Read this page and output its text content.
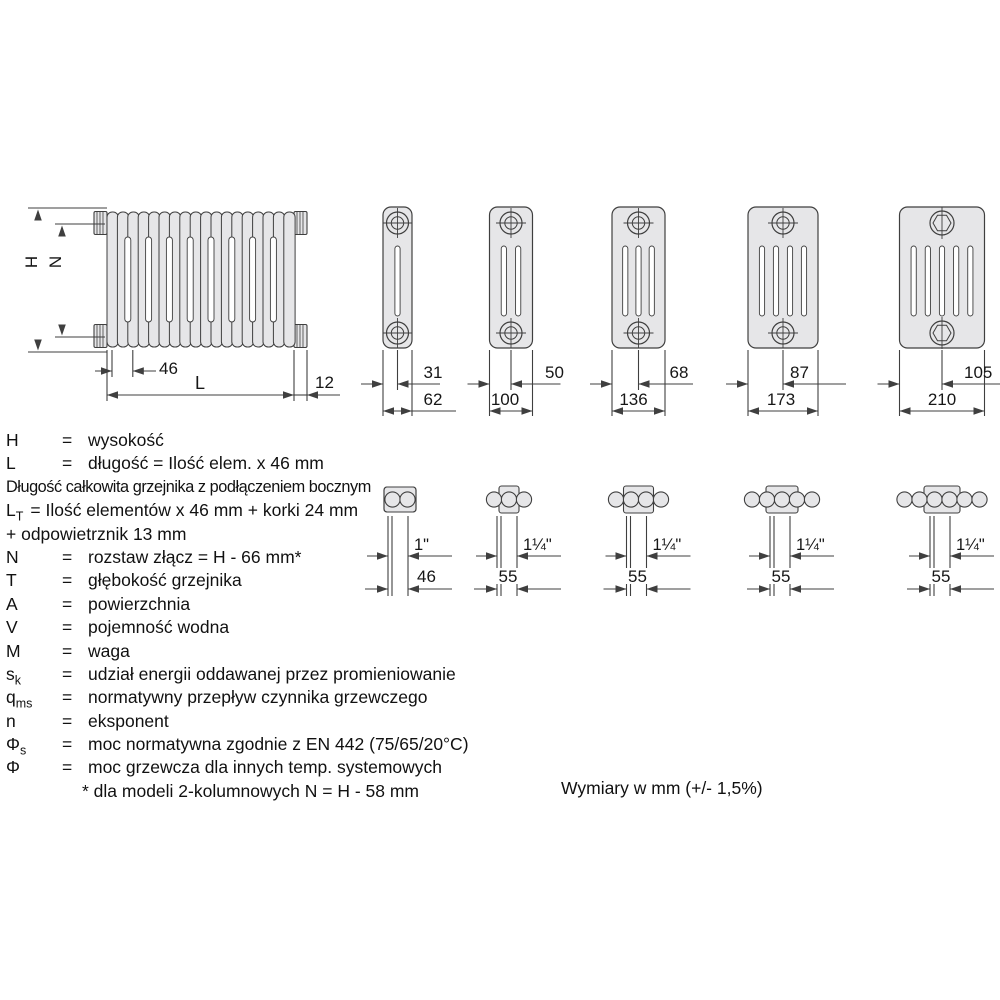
H N
46
L	12
31
62
50
100
68
136
87
173
105
210
1"
46
1¼"
55
1¼"
55
1¼"
55
1¼"
55
H	= wysokość
L	= długość = Ilość elem. x 46 mm
Długość całkowita grzejnika z podłączeniem bocznym
$L_T$ = Ilość elementów x 46 mm + korki 24 mm
+ odpowietrznik 13 mm
N	= rozstaw złącz = H - 66 mm*
T	= głębokość grzejnika
A	= powierzchnia
V	= pojemność wodna
M	= waga
$s_k$	= udział energii oddawanej przez promieniowanie
$q_{ms}$	= normatywny przepływ czynnika grzewczego
n	= eksponent
$\Phi_s$	= moc normatywna zgodnie z EN 442 (75/65/20°C)
Φ	= moc grzewcza dla innych temp. systemowych
* dla modeli 2-kolumnowych N = H - 58 mm	Wymiary w mm (+/- 1,5%)
